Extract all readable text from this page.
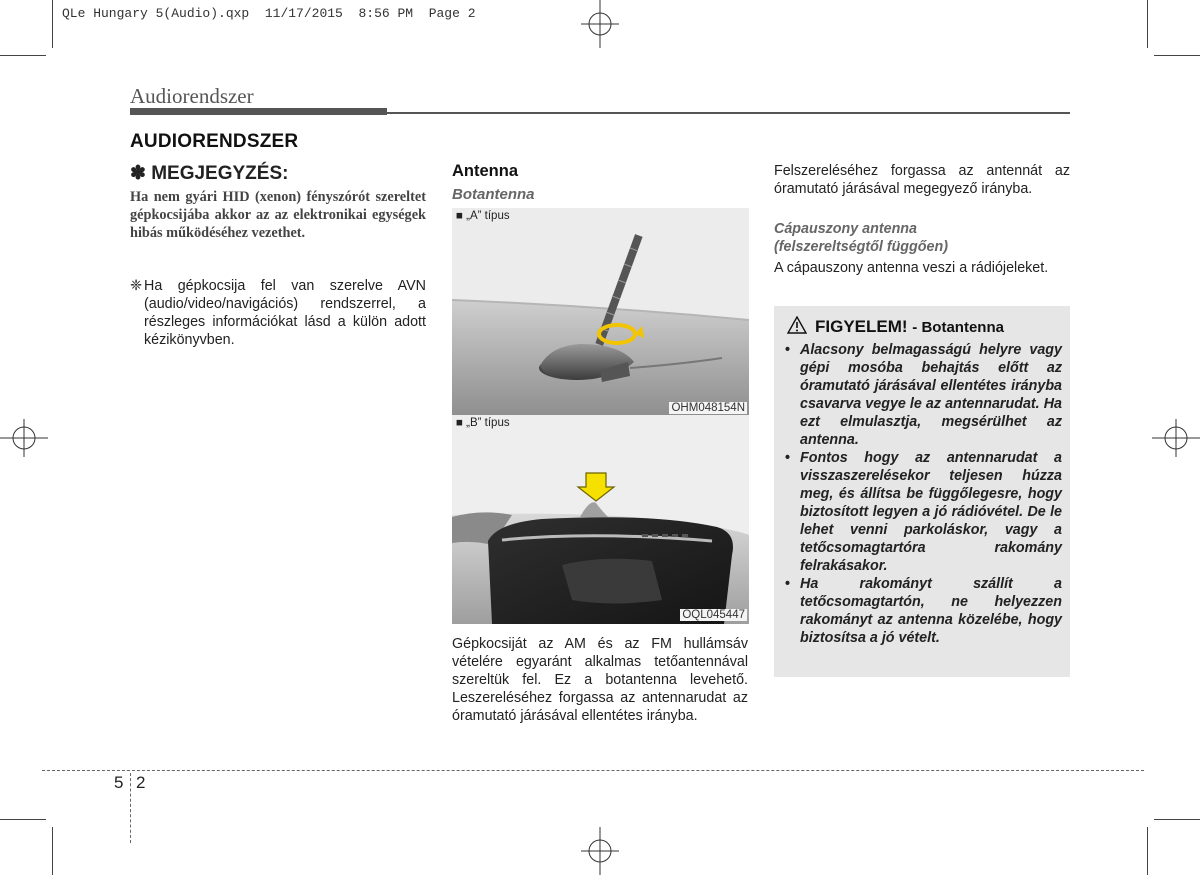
QLe Hungary 5(Audio).qxp 11/17/2015 8:56 PM Page 2
Audiorendszer
AUDIORENDSZER
✽ MEGJEGYZÉS:
Ha nem gyári HID (xenon) fényszórót szereltet gépkocsijába akkor az az elektronikai egységek hibás működéséhez vezethet.
❈ Ha gépkocsija fel van szerelve AVN (audio/video/navigációs) rendszerrel, a részleges információkat lásd a külön adott kézikönyvben.
Antenna
Botantenna
■ „A” típus
OHM048154N
■ „B” típus
OQL045447
Gépkocsiját az AM és az FM hullámsáv vételére egyaránt alkalmas tetőantennával szereltük fel. Ez a botantenna levehető. Leszereléséhez forgassa az antennarudat az óramutató járásával ellentétes irányba.
Felszereléséhez forgassa az antennát az óramutató járásával megegyező irányba.
Cápauszony antenna
(felszereltségtől függően)
A cápauszony antenna veszi a rádiójeleket.
FIGYELEM! - Botantenna
• Alacsony belmagasságú helyre vagy gépi mosóba behajtás előtt az óramutató járásával ellentétes irányba csavarva vegye le az antennarudat. Ha ezt elmulasztja, megsérülhet az antenna.
• Fontos hogy az antennarudat a visszaszerelésekor teljesen húzza meg, és állítsa be függőlegesre, hogy biztosított legyen a jó rádióvétel. De le lehet venni parkoláskor, vagy a tetőcsomagtartóra rakomány felrakásakor.
• Ha rakományt szállít a tetőcsomagtartón, ne helyezzen rakományt az antenna közelébe, hogy biztosítsa a jó vételt.
5 2
